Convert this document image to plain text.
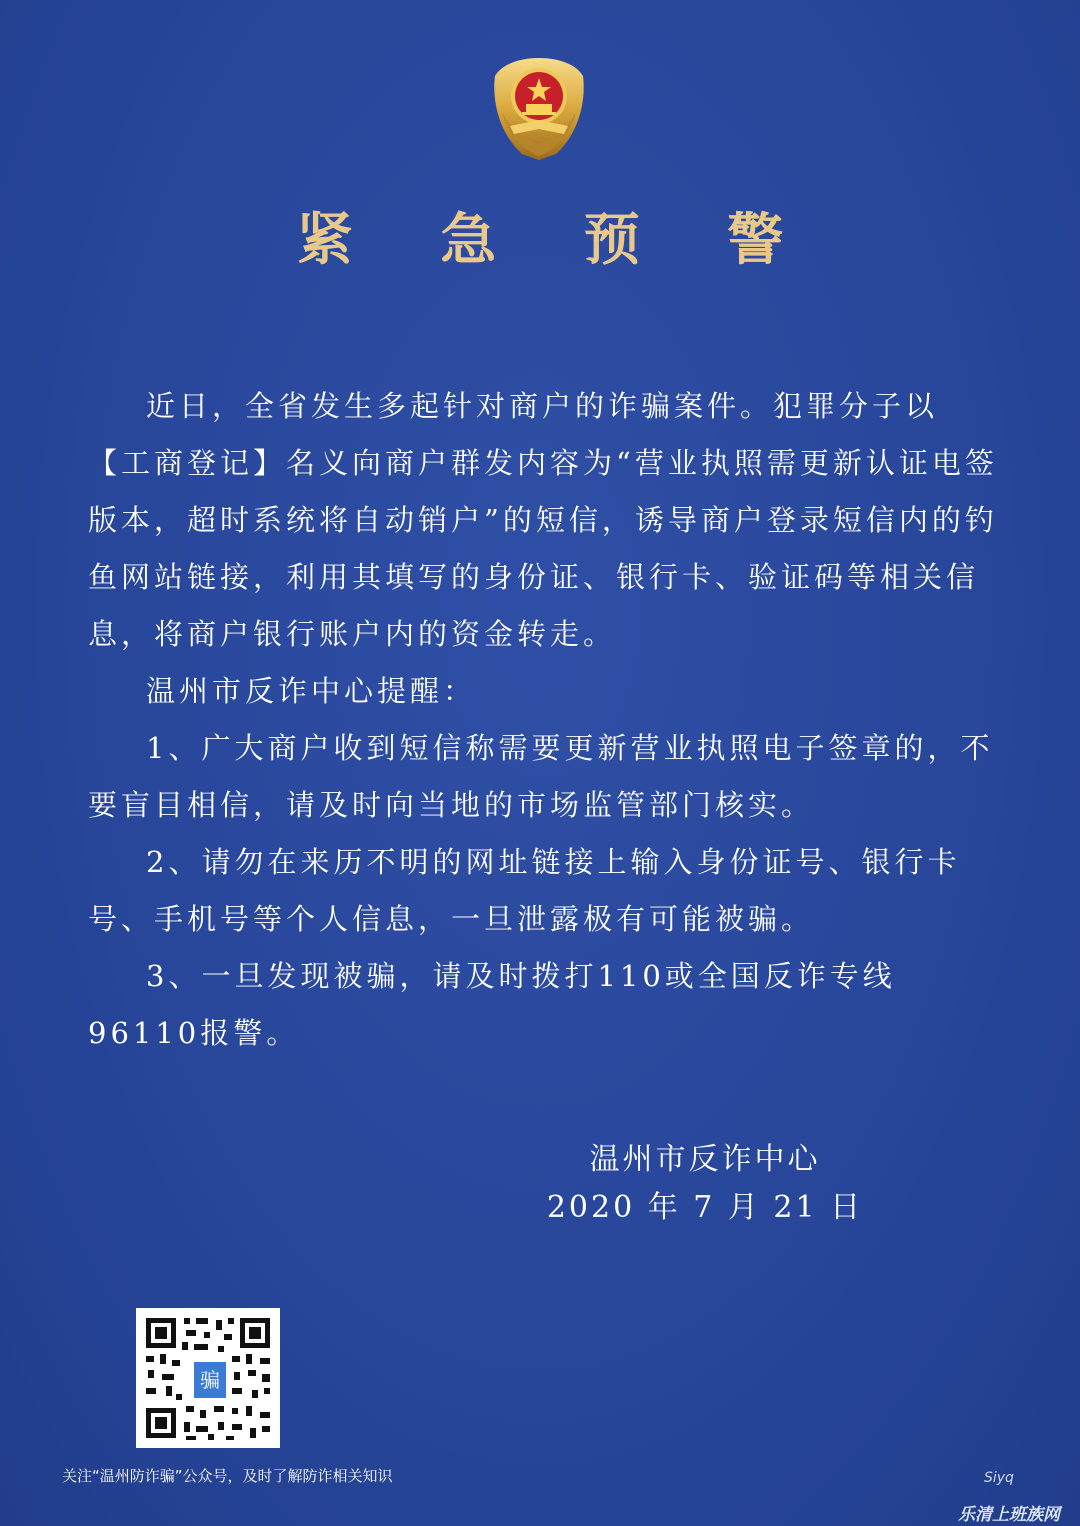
紧 急 预 警

近日，全省发生多起针对商户的诈骗案件。犯罪分子以【工商登记】名义向商户群发内容为“营业执照需更新认证电签版本，超时系统将自动销户”的短信，诱导商户登录短信内的钓鱼网站链接，利用其填写的身份证、银行卡、验证码等相关信息，将商户银行账户内的资金转走。

温州市反诈中心提醒：

1、广大商户收到短信称需要更新营业执照电子签章的，不要盲目相信，请及时向当地的市场监管部门核实。

2、请勿在来历不明的网址链接上输入身份证号、银行卡号、手机号等个人信息，一旦泄露极有可能被骗。

3、一旦发现被骗，请及时拨打110或全国反诈专线96110报警。

温州市反诈中心
2020 年 7 月 21 日
骗
关注“温州防诈骗”公众号，及时了解防诈相关知识	Siyq
乐清上班族网
